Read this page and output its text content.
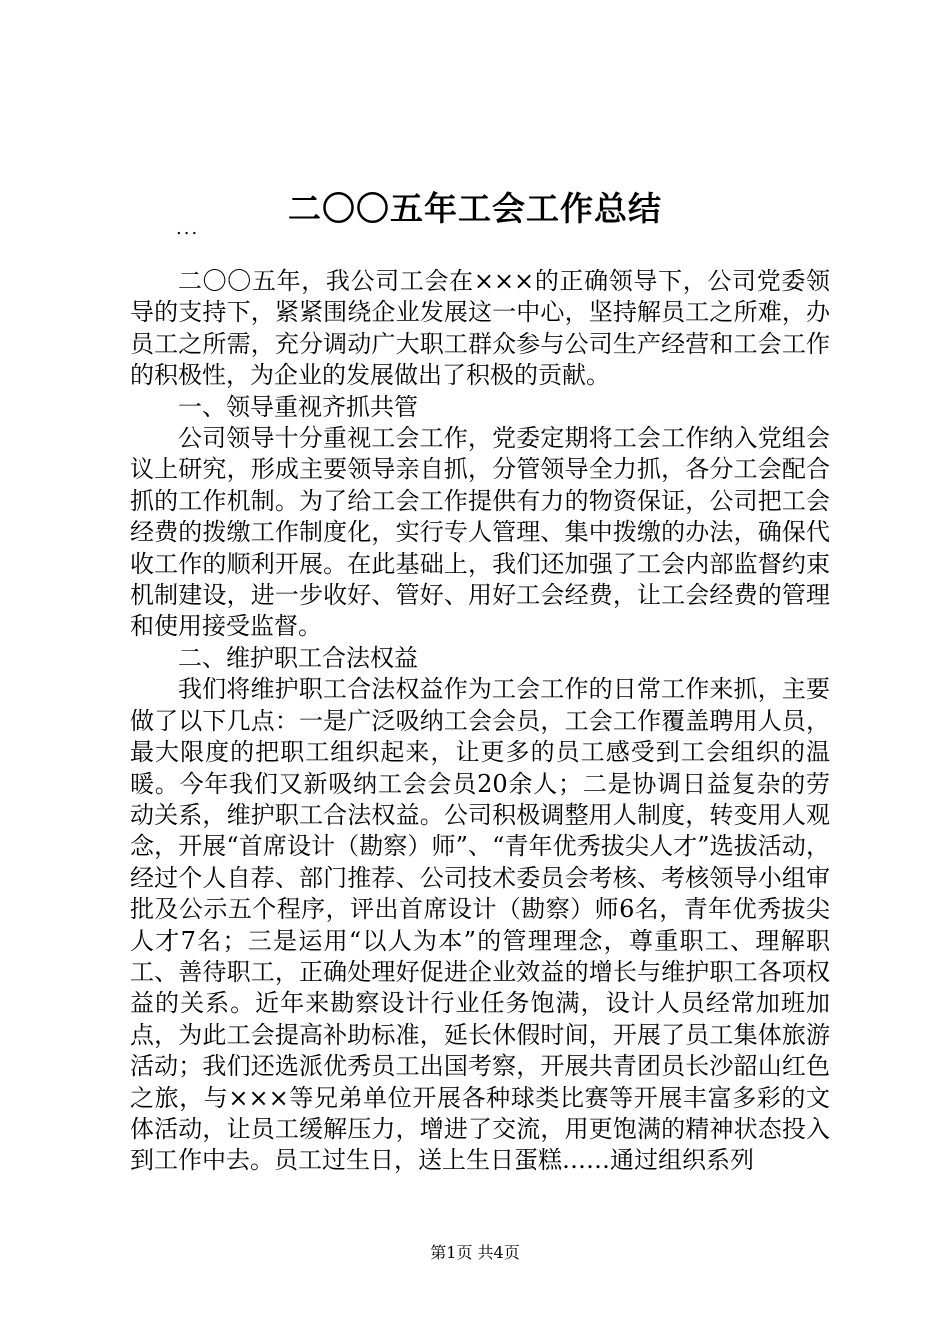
二〇〇五年工会工作总结
...

二〇〇五年，我公司工会在×××的正确领导下，公司党委领导的支持下，紧紧围绕企业发展这一中心，坚持解员工之所难，办员工之所需，充分调动广大职工群众参与公司生产经营和工会工作的积极性，为企业的发展做出了积极的贡献。

一、领导重视齐抓共管

公司领导十分重视工会工作，党委定期将工会工作纳入党组会议上研究，形成主要领导亲自抓，分管领导全力抓，各分工会配合抓的工作机制。为了给工会工作提供有力的物资保证，公司把工会经费的拨缴工作制度化，实行专人管理、集中拨缴的办法，确保代收工作的顺利开展。在此基础上，我们还加强了工会内部监督约束机制建设，进一步收好、管好、用好工会经费，让工会经费的管理和使用接受监督。

二、维护职工合法权益

我们将维护职工合法权益作为工会工作的日常工作来抓，主要做了以下几点：一是广泛吸纳工会会员，工会工作覆盖聘用人员，最大限度的把职工组织起来，让更多的员工感受到工会组织的温暖。今年我们又新吸纳工会会员20余人；二是协调日益复杂的劳动关系，维护职工合法权益。公司积极调整用人制度，转变用人观念，开展“首席设计（勘察）师”、“青年优秀拔尖人才”选拔活动，经过个人自荐、部门推荐、公司技术委员会考核、考核领导小组审批及公示五个程序，评出首席设计（勘察）师6名，青年优秀拔尖人才7名；三是运用“以人为本”的管理理念，尊重职工、理解职工、善待职工，正确处理好促进企业效益的增长与维护职工各项权益的关系。近年来勘察设计行业任务饱满，设计人员经常加班加点，为此工会提高补助标准，延长休假时间，开展了员工集体旅游活动；我们还选派优秀员工出国考察，开展共青团员长沙韶山红色之旅，与×××等兄弟单位开展各种球类比赛等开展丰富多彩的文体活动，让员工缓解压力，增进了交流，用更饱满的精神状态投入到工作中去。员工过生日，送上生日蛋糕……通过组织系列

第1页 共4页
